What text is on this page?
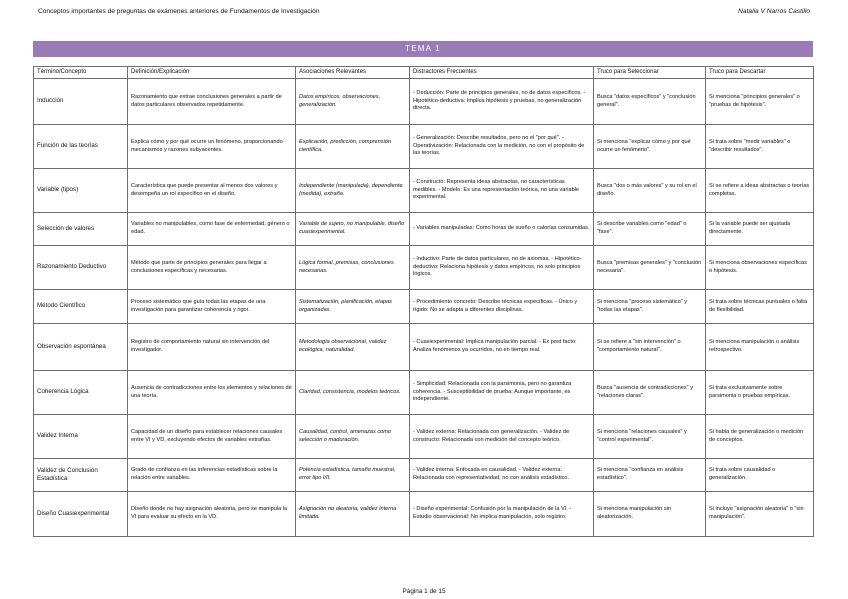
Conceptos importantes de preguntas de exámenes anteriores de Fundamentos de Investigación	Natalia V Narros Castillo
TEMA 1
Término/Concepto	Definición/Explicación	Asociaciones Relevantes	Distractores Frecuentes	Truco para Seleccionar	Truco para Descartar
Inducción	Razonamiento que extrae conclusiones generales a partir de datos particulares observados repetidamente.	Datos empíricos, observaciones, generalización.	- Deducción: Parte de principios generales, no de datos específicos. - Hipotético-deductiva: Implica hipótesis y pruebas, no generalización directa.	Busca "datos específicos" y "conclusión general".	Si menciona "principios generales" o "pruebas de hipótesis".
Función de las teorías	Explica cómo y por qué ocurre un fenómeno, proporcionando mecanismos y razones subyacentes.	Explicación, predicción, comprensión científica.	- Generalización: Describe resultados, pero no el "por qué". - Operativización: Relacionada con la medición, no con el propósito de las teorías.	Si menciona "explicar cómo y por qué ocurre un fenómeno".	Si trata sobre "medir variables" o "describir resultados".
Variable (tipos)	Característica que puede presentar al menos dos valores y desempeña un rol específico en el diseño.	Independiente (manipulada), dependiente (medida), extraña.	- Constructo: Representa ideas abstractas, no características medibles. - Modelo: Es una representación teórica, no una variable experimental.	Busca "dos o más valores" y su rol en el diseño.	Si se refiere a ideas abstractas o teorías completas.
Selección de valores	Variables no manipulables, como fase de enfermedad, género o edad.	Variable de sujeto, no manipulable, diseño cuasiexperimental.	- Variables manipuladas: Como horas de sueño o calorías consumidas.	Si describe variables como "edad" o "fase".	Si la variable puede ser ajustada directamente.
Razonamiento Deductivo	Método que parte de principios generales para llegar a conclusiones específicas y necesarias.	Lógica formal, premisas, conclusiones necesarias.	- Inductivo: Parte de datos particulares, no de axiomas. - Hipotético-deductivo: Relaciona hipótesis y datos empíricos, no solo principios lógicos.	Busca "premisas generales" y "conclusión necesaria".	Si menciona observaciones específicas o hipótesis.
Método Científico	Proceso sistemático que guía todas las etapas de una investigación para garantizar coherencia y rigor.	Sistematización, planificación, etapas organizadas.	- Procedimiento concreto: Describe técnicas específicas. - Único y rígido: No se adapta a diferentes disciplinas.	Si menciona "proceso sistemático" y "todas las etapas".	Si trata sobre técnicas puntuales o falta de flexibilidad.
Observación espontánea	Registro de comportamiento natural sin intervención del investigador.	Metodología observacional, validez ecológica, naturalidad.	- Cuasiexperimental: Implica manipulación parcial. - Ex post facto: Analiza fenómenos ya ocurridos, no en tiempo real.	Si se refiere a "sin intervención" o "comportamiento natural".	Si menciona manipulación o análisis retrospectivo.
Coherencia Lógica	Ausencia de contradicciones entre los elementos y relaciones de una teoría.	Claridad, consistencia, modelos teóricos.	- Simplicidad: Relacionada con la parsimonia, pero no garantiza coherencia. - Susceptibilidad de prueba: Aunque importante, es independiente.	Busca "ausencia de contradicciones" y "relaciones claras".	Si trata exclusivamente sobre parsimonia o pruebas empíricas.
Validez Interna	Capacidad de un diseño para establecer relaciones causales entre VI y VD, excluyendo efectos de variables extrañas.	Causalidad, control, amenazas como selección o maduración.	- Validez externa: Relacionada con generalización. - Validez de constructo: Relacionada con medición del concepto teórico.	Si menciona "relaciones causales" y "control experimental".	Si habla de generalización o medición de conceptos.
Validez de Conclusión Estadística	Grado de confianza en las inferencias estadísticas sobre la relación entre variables.	Potencia estadística, tamaño muestral, error tipo I/II.	- Validez interna: Enfocada en causalidad. - Validez externa: Relacionada con representatividad, no con análisis estadístico.	Si menciona "confianza en análisis estadístico".	Si trata sobre causalidad o generalización.
Diseño Cuasiexperimental	Diseño donde no hay asignación aleatoria, pero se manipula la VI para evaluar su efecto en la VD.	Asignación no aleatoria, validez interna limitada.	- Diseño experimental: Confusión por la manipulación de la VI. - Estudio observacional: No implica manipulación, solo registro.	Si menciona manipulación sin aleatorización.	Si incluye "asignación aleatoria" o "sin manipulación".
Página 1 de 15
